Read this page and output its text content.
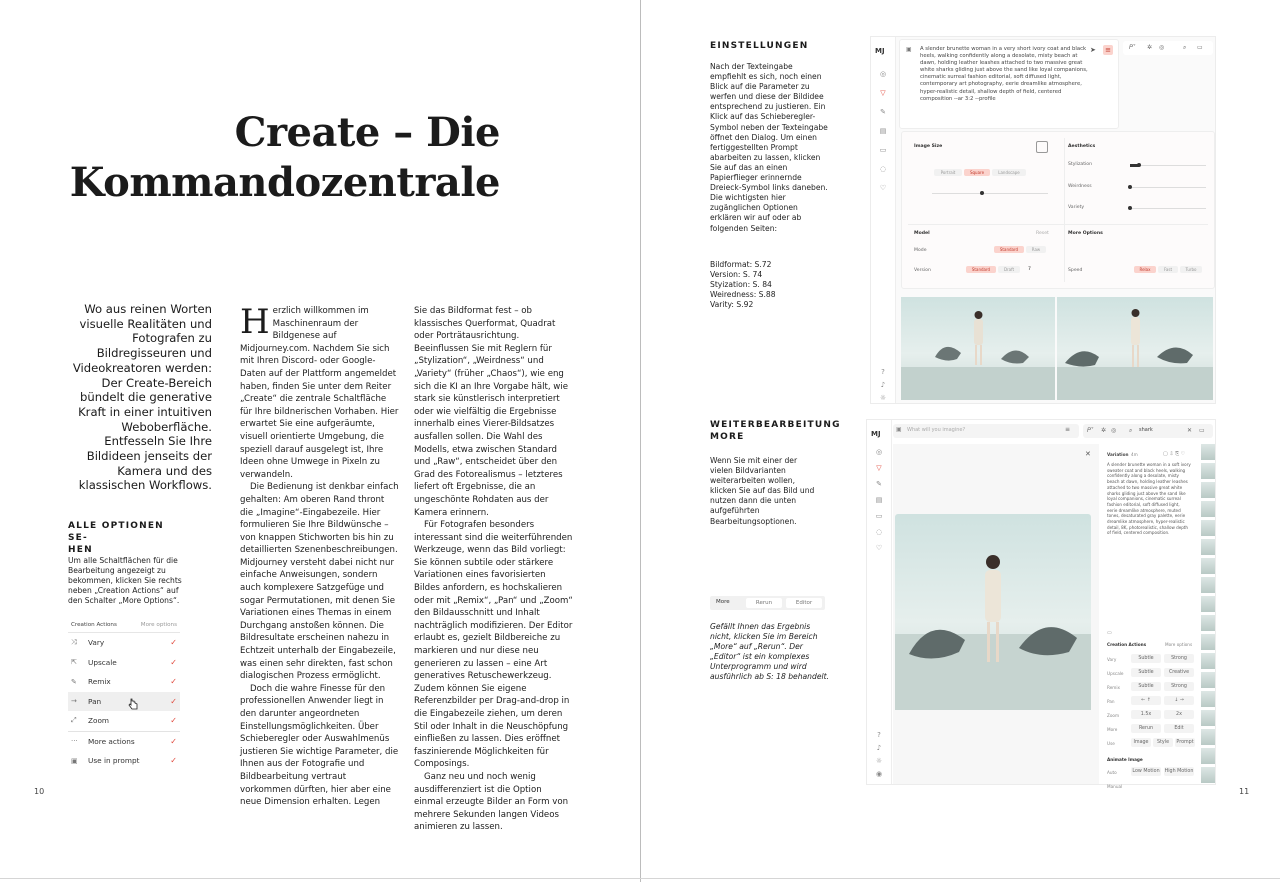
Create – Die
Kommandozentrale
Wo aus reinen Worten visuelle Realitäten und Fotografen zu Bildregisseuren und Videokreatoren werden: Der Create-Bereich bündelt die generative Kraft in einer intuitiven Weboberfläche. Entfesseln Sie Ihre Bildideen jenseits der Kamera und des klassischen Workflows.
ALLE OPTIONEN SE-
HEN
Um alle Schaltflächen für die Bearbeitung angezeigt zu bekommen, klicken Sie rechts neben „Creation Actions“ auf den Schalter „More Options“.
Creation Actions	More options
⤨	Vary	✓
⇱	Upscale	✓
✎	Remix	✓
→	Pan	✓
⤢	Zoom	✓
···	More actions	✓
▣	Use in prompt	✓

Herzlich willkommen im Maschinenraum der Bildgenese auf Midjourney.com. Nachdem Sie sich mit Ihren Discord- oder Google-Daten auf der Plattform angemeldet haben, finden Sie unter dem Reiter „Create“ die zentrale Schaltfläche für Ihre bildnerischen Vorhaben. Hier erwartet Sie eine aufgeräumte, visuell orientierte Umgebung, die speziell darauf ausgelegt ist, Ihre Ideen ohne Umwege in Pixeln zu verwandeln.

Die Bedienung ist denkbar einfach gehalten: Am oberen Rand thront die „Imagine“-Eingabezeile. Hier formulieren Sie Ihre Bildwünsche – von knappen Stichworten bis hin zu detaillierten Szenenbeschreibungen. Midjourney versteht dabei nicht nur einfache Anweisungen, sondern auch komplexere Satzgefüge und sogar Permutationen, mit denen Sie Variationen eines Themas in einem Durchgang anstoßen können. Die Bildresultate erscheinen nahezu in Echtzeit unterhalb der Eingabezeile, was einen sehr direkten, fast schon dialogischen Prozess ermöglicht.

Doch die wahre Finesse für den professionellen Anwender liegt in den darunter angeordneten Einstellungsmöglichkeiten. Über Schieberegler oder Auswahlmenüs justieren Sie wichtige Parameter, die Ihnen aus der Fotografie und Bildbearbeitung vertraut vorkommen dürften, hier aber eine neue Dimension erhalten. Legen

Sie das Bildformat fest – ob klassisches Querformat, Quadrat oder Porträtausrichtung. Beeinflussen Sie mit Reglern für „Stylization“, „Weirdness“ und „Variety“ (früher „Chaos“), wie eng sich die KI an Ihre Vorgabe hält, wie stark sie künstlerisch interpretiert oder wie vielfältig die Ergebnisse innerhalb eines Vierer-Bildsatzes ausfallen sollen. Die Wahl des Modells, etwa zwischen Standard und „Raw“, entscheidet über den Grad des Fotorealismus – letzteres liefert oft Ergebnisse, die an ungeschönte Rohdaten aus der Kamera erinnern.

Für Fotografen besonders interessant sind die weiterführenden Werkzeuge, wenn das Bild vorliegt: Sie können subtile oder stärkere Variationen eines favorisierten Bildes anfordern, es hochskalieren oder mit „Remix“, „Pan“ und „Zoom“ den Bildausschnitt und Inhalt nachträglich modifizieren. Der Editor erlaubt es, gezielt Bildbereiche zu markieren und nur diese neu generieren zu lassen – eine Art generatives Retuschewerkzeug. Zudem können Sie eigene Referenzbilder per Drag-and-drop in die Eingabezeile ziehen, um deren Stil oder Inhalt in die Neuschöpfung einfließen zu lassen. Dies eröffnet faszinierende Möglichkeiten für Composings.

Ganz neu und noch wenig ausdifferenziert ist die Option einmal erzeugte Bilder an Form von mehrere Sekunden langen Videos animieren zu lassen.

10
EINSTELLUNGEN
Nach der Texteingabe empfiehlt es sich, noch einen Blick auf die Parameter zu werfen und diese der Bildidee entsprechend zu justieren. Ein Klick auf das Schieberegler-Symbol neben der Texteingabe öffnet den Dialog. Um einen fertiggestellten Prompt abarbeiten zu lassen, klicken Sie auf das an einen Papierflieger erinnernde Dreieck-Symbol links daneben. Die wichtigsten hier zugänglichen Optionen erklären wir auf oder ab folgenden Seiten:
Bildformat: S.72
Version: S. 74
Styization: S. 84
Weiredness: S.88
Varity: S.92
WEITERBEARBEITUNG
MORE
Wenn Sie mit einer der vielen Bildvarianten weiterarbeiten wollen, klicken Sie auf das Bild und nutzen dann die unten aufgeführten Bearbeitungsoptionen.
More	Rerun	Editor
Gefällt Ihnen das Ergebnis nicht, klicken Sie im Bereich „More“ auf „Rerun“. Der „Editor“ ist ein komplexes Unterprogramm und wird ausführlich ab S: 18 behandelt.
11
MJ
◎
▽
✎
▤
▭
◌
♡
?
♪
☼
▣ A slender brunette woman in a very short ivory coat and black heels, walking confidently along a desolate, misty beach at dawn, holding leather leashes attached to two massive great white sharks gliding just above the sand like loyal companions, cinematic surreal fashion editorial, soft diffused light, contemporary art photography, eerie dreamlike atmosphere, hyper-realistic detail, shallow depth of field, centered composition --ar 3:2 --profile
➤ ≡	𝑃˅ ✲ ◎	⌕ ▭
Image Size
Portrait	Square	Landscape
Aesthetics
Stylization
Weirdness
Variety
Model	Reset
Mode	Standard	Raw
Version	Standard	Draft	7
More Options
Speed	Relax	Fast	Turbo
MJ
◎
▽
✎
▤
▭
◌
♡
?
♪
☼
◉
▣ What will you imagine?	≡	𝑃˅ ✲ ◎ ⌕ shark	✕ ▭
✕	Variation 4m	▢ ⇩ ⎘ ♡
A slender brunette woman in a soft ivory sweater coat and black heels, walking confidently along a desolate, misty beach at dawn, holding leather leashes attached to two massive great white sharks gliding just above the sand like loyal companions, cinematic surreal fashion editorial, soft diffused light, eerie dreamlike atmosphere, muted tones, desaturated gray palette, eerie dreamlike atmosphere, hyper-realistic detail, 8K, photorealistic, shallow depth of field, centered composition.
▭
Creation Actions	More options
Vary	Subtle	Strong
Upscale	Subtle	Creative
Remix	Subtle	Strong
Pan	← ↑	↓ →
Zoom	1.5x	2x
More	Rerun	Edit
Use	Image	Style	Prompt
Animate Image
Auto	Low Motion High Motion
Manual
